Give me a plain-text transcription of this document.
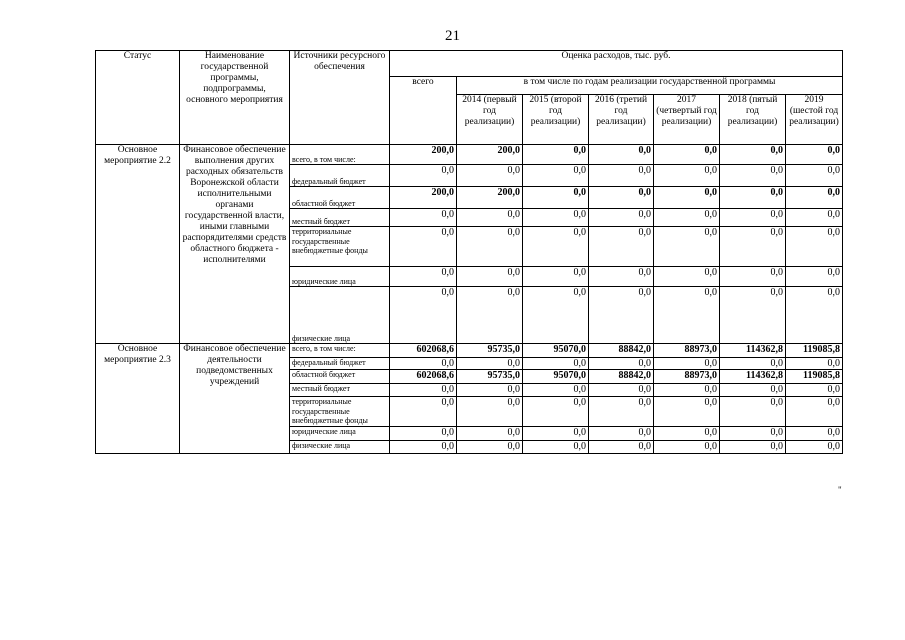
21
Статус	Наименование государственной программы, подпрограммы, основного мероприятия	Источники ресурсного обеспечения	Оценка расходов, тыс. руб.						
			всего	в том числе по годам реализации государственной программы					
				2014 (первый год реализации)	2015 (второй год реализации)	2016 (третий год реализации)	2017 (четвертый год реализации)	2018 (пятый год реализации)	2019 (шестой год реализации)
Основное мероприятие 2.2	Финансовое обеспечение выполнения других расходных обязательств Воронежской области исполнительными органами государственной власти, иными главными распорядителями средств областного бюджета - исполнителями	всего, в том числе:	200,0	200,0	0,0	0,0	0,0	0,0	0,0
		федеральный бюджет	0,0	0,0	0,0	0,0	0,0	0,0	0,0
		областной бюджет	200,0	200,0	0,0	0,0	0,0	0,0	0,0
		местный бюджет	0,0	0,0	0,0	0,0	0,0	0,0	0,0
		территориальные государственные внебюджетные фонды	0,0	0,0	0,0	0,0	0,0	0,0	0,0
		юридические лица	0,0	0,0	0,0	0,0	0,0	0,0	0,0
		физические лица	0,0	0,0	0,0	0,0	0,0	0,0	0,0
Основное мероприятие 2.3	Финансовое обеспечение деятельности подведомственных учреждений	всего, в том числе:	602068,6	95735,0	95070,0	88842,0	88973,0	114362,8	119085,8
		федеральный бюджет	0,0	0,0	0,0	0,0	0,0	0,0	0,0
		областной бюджет	602068,6	95735,0	95070,0	88842,0	88973,0	114362,8	119085,8
		местный бюджет	0,0	0,0	0,0	0,0	0,0	0,0	0,0
		территориальные государственные внебюджетные фонды	0,0	0,0	0,0	0,0	0,0	0,0	0,0
		юридические лица	0,0	0,0	0,0	0,0	0,0	0,0	0,0
		физические лица	0,0	0,0	0,0	0,0	0,0	0,0	0,0
"
